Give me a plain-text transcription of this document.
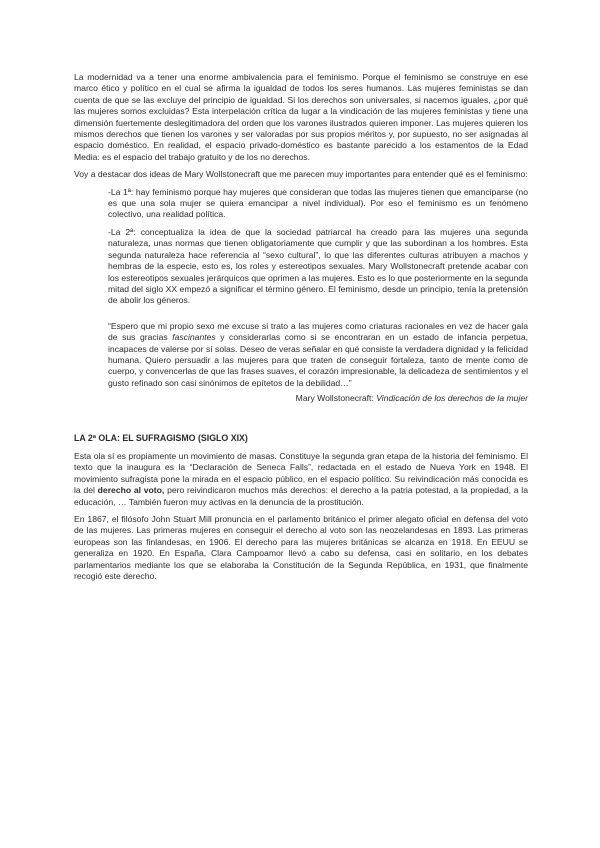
La modernidad va a tener una enorme ambivalencia para el feminismo. Porque el feminismo se construye en ese marco ético y político en el cual se afirma la igualdad de todos los seres humanos. Las mujeres feministas se dan cuenta de que se las excluye del principio de igualdad. Si los derechos son universales, si nacemos iguales, ¿por qué las mujeres somos excluidas? Esta interpelación crítica da lugar a la vindicación de las mujeres feministas y tiene una dimensión fuertemente deslegitimadora del orden que los varones ilustrados quieren imponer. Las mujeres quieren los mismos derechos que tienen los varones y ser valoradas por sus propios méritos y, por supuesto, no ser asignadas al espacio doméstico. En realidad, el espacio privado-doméstico es bastante parecido a los estamentos de la Edad Media: es el espacio del trabajo gratuito y de los no derechos.

Voy a destacar dos ideas de Mary Wollstonecraft que me parecen muy importantes para entender qué es el feminismo:

-La 1ª: hay feminismo porque hay mujeres que consideran que todas las mujeres tienen que emanciparse (no es que una sola mujer se quiera emancipar a nivel individual). Por eso el feminismo es un fenómeno colectivo, una realidad política.

-La 2ª: conceptualiza la idea de que la sociedad patriarcal ha creado para las mujeres una segunda naturaleza, unas normas que tienen obligatoriamente que cumplir y que las subordinan a los hombres. Esta segunda naturaleza hace referencia al “sexo cultural”, lo que las diferentes culturas atribuyen a machos y hembras de la especie, esto es, los roles y estereotipos sexuales. Mary Wollstonecraft pretende acabar con los estereotipos sexuales jerárquicos que oprimen a las mujeres. Esto es lo que posteriormente en la segunda mitad del siglo XX empezó a significar el término género. El feminismo, desde un principio, tenía la pretensión de abolir los géneros.

“Espero que mi propio sexo me excuse si trato a las mujeres como criaturas racionales en vez de hacer gala de sus gracias fascinantes y considerarlas como si se encontraran en un estado de infancia perpetua, incapaces de valerse por sí solas. Deseo de veras señalar en qué consiste la verdadera dignidad y la felicidad humana. Quiero persuadir a las mujeres para que traten de conseguir fortaleza, tanto de mente como de cuerpo, y convencerlas de que las frases suaves, el corazón impresionable, la delicadeza de sentimientos y el gusto refinado son casi sinónimos de epítetos de la debilidad…”

Mary Wollstonecraft: Vindicación de los derechos de la mujer

LA 2ª OLA: EL SUFRAGISMO (SIGLO XIX)

Esta ola sí es propiamente un movimiento de masas. Constituye la segunda gran etapa de la historia del feminismo. El texto que la inaugura es la “Declaración de Seneca Falls”, redactada en el estado de Nueva York en 1948. El movimiento sufragista pone la mirada en el espacio público, en el espacio político. Su reivindicación más conocida es la del derecho al voto, pero reivindicaron muchos más derechos: el derecho a la patria potestad, a la propiedad, a la educación, … También fueron muy activas en la denuncia de la prostitución.

En 1867, el filósofo John Stuart Mill pronuncia en el parlamento británico el primer alegato oficial en defensa del voto de las mujeres. Las primeras mujeres en conseguir el derecho al voto son las neozelandesas en 1893. Las primeras europeas son las finlandesas, en 1906. El derecho para las mujeres británicas se alcanza en 1918. En EEUU se generaliza en 1920. En España, Clara Campoamor llevó a cabo su defensa, casi en solitario, en los debates parlamentarios mediante los que se elaboraba la Constitución de la Segunda República, en 1931, que finalmente recogió este derecho.
